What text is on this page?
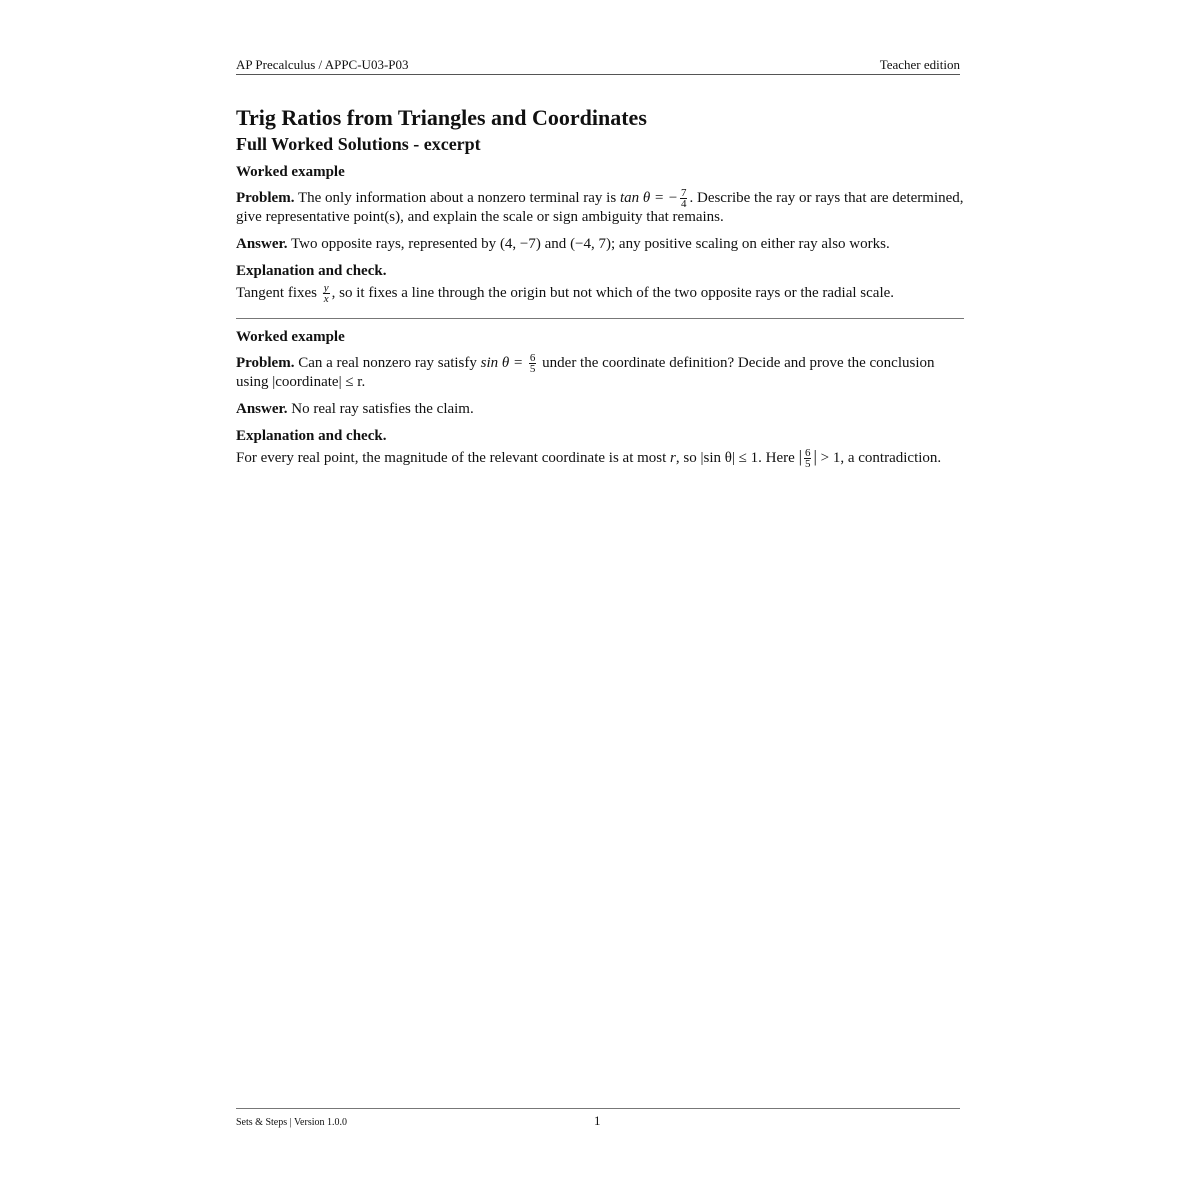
AP Precalculus / APPC-U03-P03	Teacher edition
Trig Ratios from Triangles and Coordinates
Full Worked Solutions - excerpt
Worked example

Problem. The only information about a nonzero terminal ray is tan θ = − $\frac{7}{4}$ . Describe the ray or rays that are determined, give representative point(s), and explain the scale or sign ambiguity that remains.

Answer. Two opposite rays, represented by (4, −7) and (−4, 7); any positive scaling on either ray also works.

Explanation and check.

Tangent fixes $\frac{y}{x}$ , so it fixes a line through the origin but not which of the two opposite rays or the radial scale.

Worked example

Problem. Can a real nonzero ray satisfy $\sin \theta = \frac{6}{5}$ under the coordinate definition? Decide and prove the conclusion using |coordinate| ≤ r.

Answer. No real ray satisfies the claim.

Explanation and check.

For every real point, the magnitude of the relevant coordinate is at most r, so |sin θ| ≤ 1. Here | $\frac{6}{5}$ | > 1, a contradiction.

Sets & Steps | Version 1.0.0	1
